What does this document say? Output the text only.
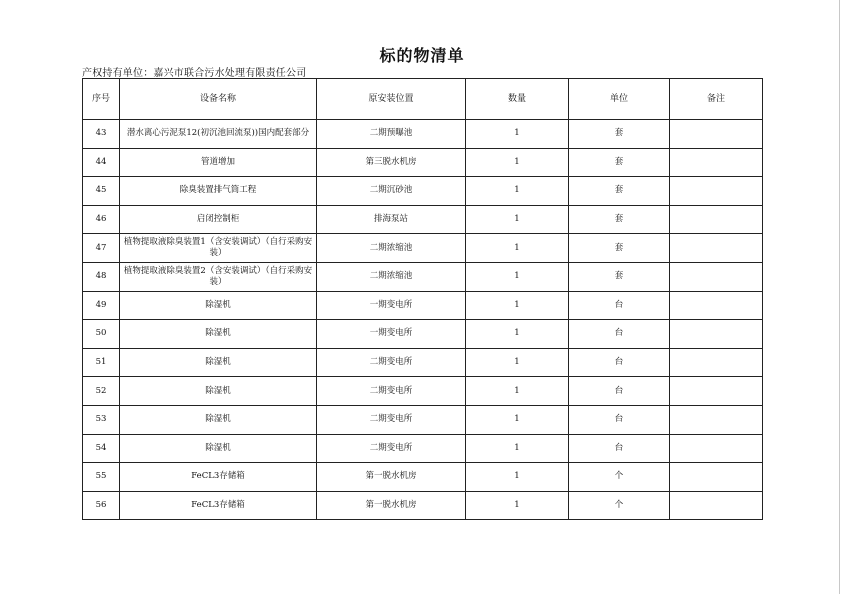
标的物清单
产权持有单位：嘉兴市联合污水处理有限责任公司
序号	设备名称	原安装位置	数量	单位	备注
43	潜水离心污泥泵12(初沉池回流泵))国内配套部分	二期预曝池	1	套	
44	管道增加	第三脱水机房	1	套	
45	除臭装置排气筒工程	二期沉砂池	1	套	
46	启闭控制柜	排海泵站	1	套	
47	植物提取液除臭装置1（含安装调试）（自行采购安装）	二期浓缩池	1	套	
48	植物提取液除臭装置2（含安装调试）（自行采购安装）	二期浓缩池	1	套	
49	除湿机	一期变电所	1	台	
50	除湿机	一期变电所	1	台	
51	除湿机	二期变电所	1	台	
52	除湿机	二期变电所	1	台	
53	除湿机	二期变电所	1	台	
54	除湿机	二期变电所	1	台	
55	FeCL3存储箱	第一脱水机房	1	个	
56	FeCL3存储箱	第一脱水机房	1	个	
